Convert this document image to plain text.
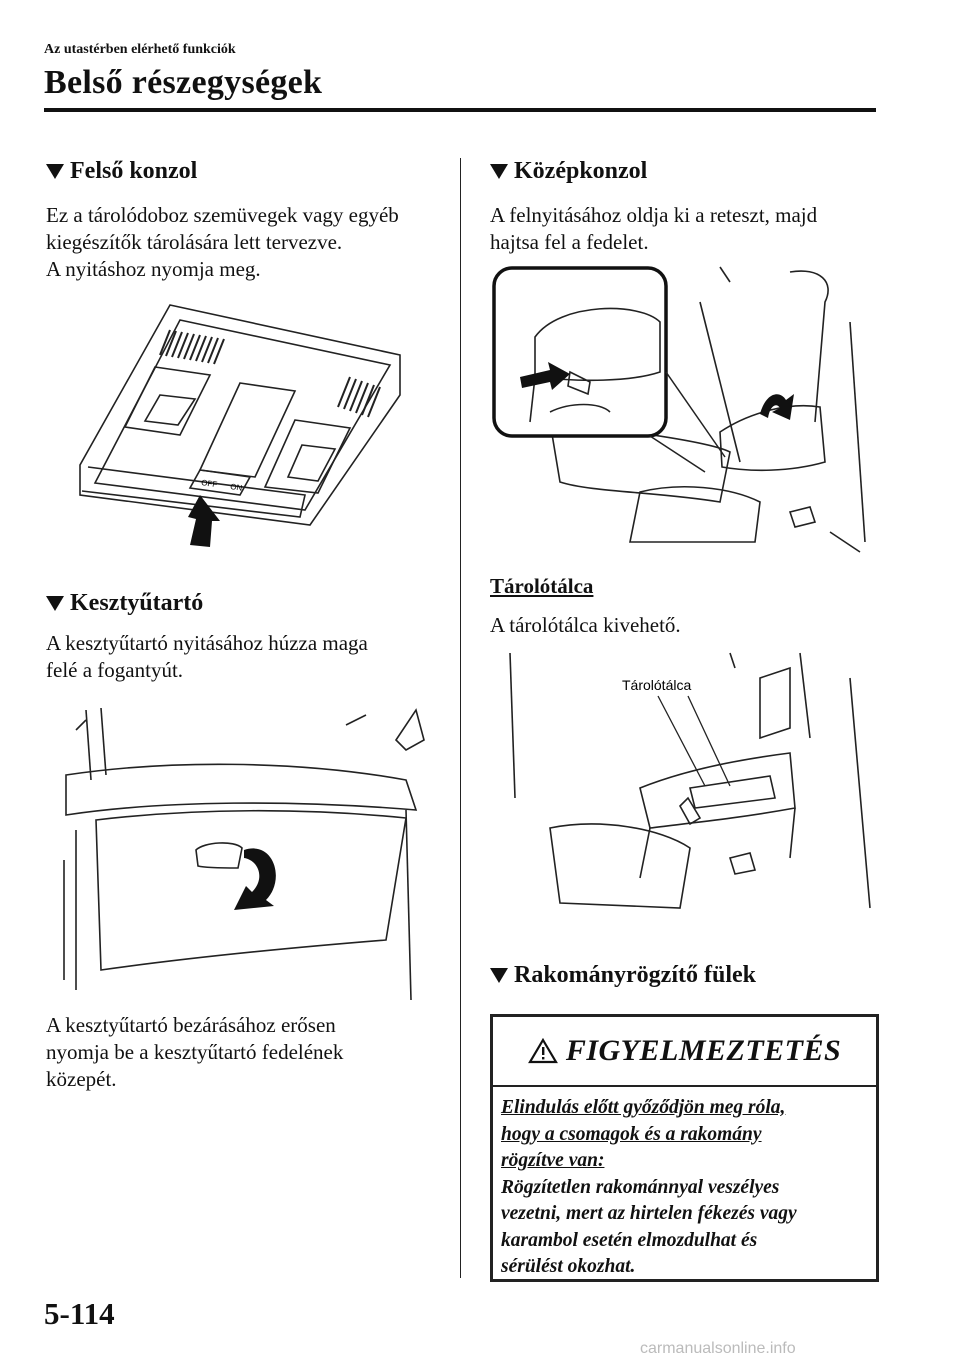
Az utastérben elérhető funkciók
Belső részegységek
Felső konzol
Ez a tárolódoboz szemüvegek vagy egyéb
kiegészítők tárolására lett tervezve.
A nyitáshoz nyomja meg.
OFF ON
Kesztyűtartó
A kesztyűtartó nyitásához húzza maga
felé a fogantyút.
A kesztyűtartó bezárásához erősen
nyomja be a kesztyűtartó fedelének
közepét.
Középkonzol
A felnyitásához oldja ki a reteszt, majd
hajtsa fel a fedelet.
Tárolótálca
A tárolótálca kivehető.
Tárolótálca
Rakományrögzítő fülek
FIGYELMEZTETÉS
Elindulás előtt győződjön meg róla,
hogy a csomagok és a rakomány
rögzítve van:
Rögzítetlen rakománnyal veszélyes
vezetni, mert az hirtelen fékezés vagy
karambol esetén elmozdulhat és
sérülést okozhat.
5-114
carmanualsonline.info
